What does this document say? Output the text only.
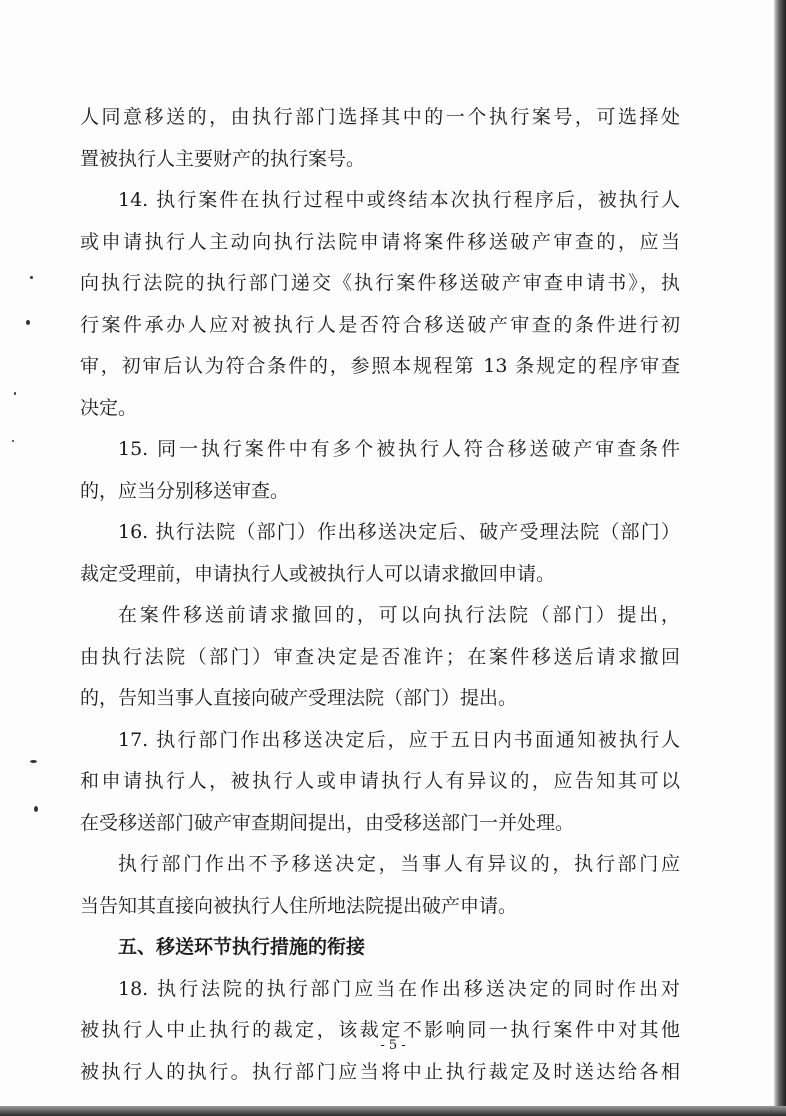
人同意移送的，由执行部门选择其中的一个执行案号，可选择处
置被执行人主要财产的执行案号。
14. 执行案件在执行过程中或终结本次执行程序后，被执行人
或申请执行人主动向执行法院申请将案件移送破产审查的，应当
向执行法院的执行部门递交《执行案件移送破产审查申请书》，执
行案件承办人应对被执行人是否符合移送破产审查的条件进行初
审，初审后认为符合条件的，参照本规程第 13 条规定的程序审查
决定。
15. 同一执行案件中有多个被执行人符合移送破产审查条件
的，应当分别移送审查。
16. 执行法院（部门）作出移送决定后、破产受理法院（部门）
裁定受理前，申请执行人或被执行人可以请求撤回申请。
在案件移送前请求撤回的，可以向执行法院（部门）提出，
由执行法院（部门）审查决定是否准许；在案件移送后请求撤回
的，告知当事人直接向破产受理法院（部门）提出。
17. 执行部门作出移送决定后，应于五日内书面通知被执行人
和申请执行人，被执行人或申请执行人有异议的，应告知其可以
在受移送部门破产审查期间提出，由受移送部门一并处理。
执行部门作出不予移送决定，当事人有异议的，执行部门应
当告知其直接向被执行人住所地法院提出破产申请。
五、移送环节执行措施的衔接
18. 执行法院的执行部门应当在作出移送决定的同时作出对
被执行人中止执行的裁定，该裁定不影响同一执行案件中对其他
被执行人的执行。执行部门应当将中止执行裁定及时送达给各相
- 5 -
